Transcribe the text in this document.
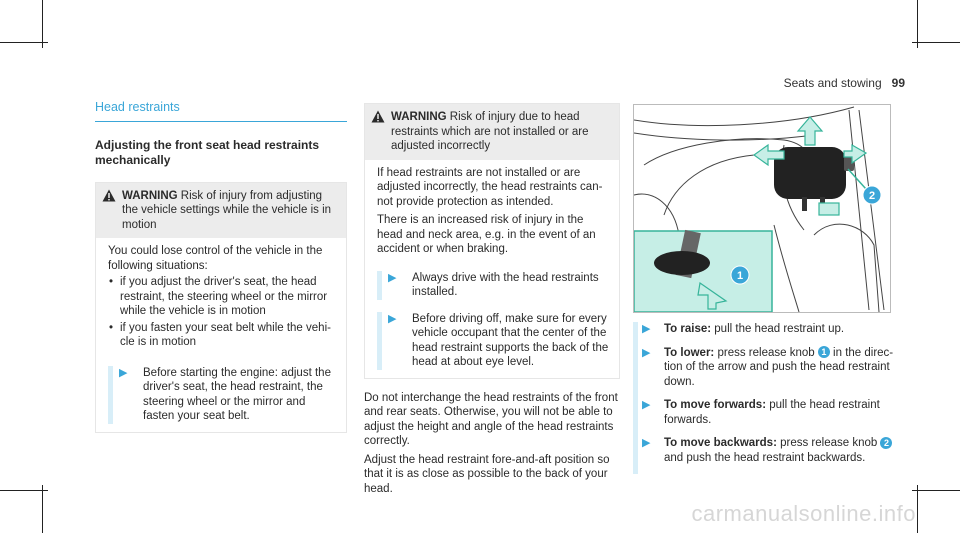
Seats and stowing 99

Head restraints

Adjusting the front seat head restraints mechanically

WARNING Risk of injury from adjusting the vehicle settings while the vehicle is in motion

You could lose control of the vehicle in the following situations:

• if you adjust the driver's seat, the head restraint, the steering wheel or the mirror while the vehicle is in motion
• if you fasten your seat belt while the vehi- cle is in motion
▶ Before starting the engine: adjust the driver's seat, the head restraint, the steering wheel or the mirror and fasten your seat belt.
WARNING Risk of injury due to head restraints which are not installed or are adjusted incorrectly

If head restraints are not installed or are adjusted incorrectly, the head restraints can- not provide protection as intended.

There is an increased risk of injury in the head and neck area, e.g. in the event of an accident or when braking.

▶ Always drive with the head restraints installed.
▶ Before driving off, make sure for every vehicle occupant that the center of the head restraint supports the back of the head at about eye level.

Do not interchange the head restraints of the front and rear seats. Otherwise, you will not be able to adjust the height and angle of the head restraints correctly.

Adjust the head restraint fore-and-aft position so that it is as close as possible to the back of your head.

2
1
▶ To raise: pull the head restraint up.
▶ To lower: press release knob 1 in the direc- tion of the arrow and push the head restraint down.
▶ To move forwards: pull the head restraint forwards.
▶ To move backwards: press release knob 2 and push the head restraint backwards.
carmanualsonline.info
